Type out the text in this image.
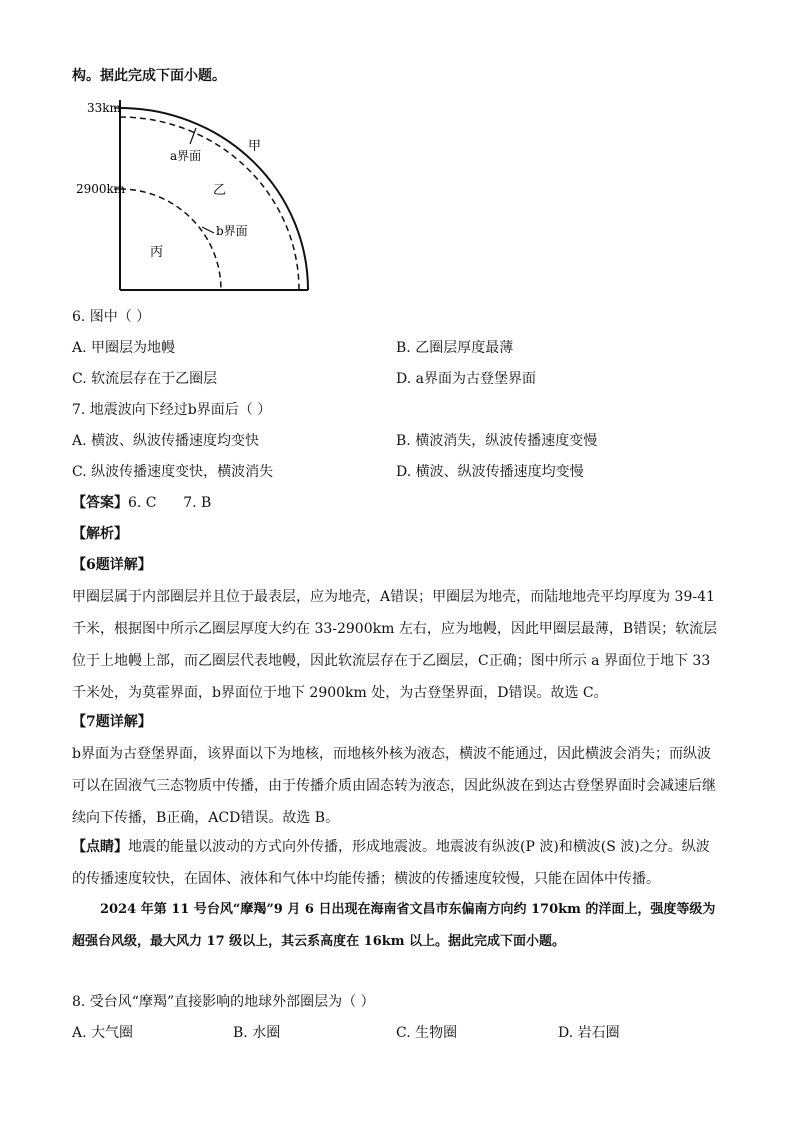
构。据此完成下面小题。
33km
2900km
甲
乙
丙
a界面
b界面
6. 图中（ ）
A. 甲圈层为地幔	B. 乙圈层厚度最薄
C. 软流层存在于乙圈层	D. a界面为古登堡界面
7. 地震波向下经过b界面后（ ）
A. 横波、纵波传播速度均变快	B. 横波消失，纵波传播速度变慢
C. 纵波传播速度变快，横波消失	D. 横波、纵波传播速度均变慢
【答案】6. C      7. B
【解析】
【6题详解】
甲圈层属于内部圈层并且位于最表层，应为地壳，A错误；甲圈层为地壳，而陆地地壳平均厚度为 39-41 千米，根据图中所示乙圈层厚度大约在 33-2900km 左右，应为地幔，因此甲圈层最薄，B错误；软流层位于上地幔上部，而乙圈层代表地幔，因此软流层存在于乙圈层，C正确；图中所示 a 界面位于地下 33 千米处，为莫霍界面，b界面位于地下 2900km 处，为古登堡界面，D错误。故选 C。
【7题详解】
b界面为古登堡界面，该界面以下为地核，而地核外核为液态，横波不能通过，因此横波会消失；而纵波可以在固液气三态物质中传播，由于传播介质由固态转为液态，因此纵波在到达古登堡界面时会减速后继续向下传播，B正确，ACD错误。故选 B。
【点睛】地震的能量以波动的方式向外传播，形成地震波。地震波有纵波(P 波)和横波(S 波)之分。纵波的传播速度较快，在固体、液体和气体中均能传播；横波的传播速度较慢，只能在固体中传播。
2024 年第 11 号台风“摩羯”9 月 6 日出现在海南省文昌市东偏南方向约 170km 的洋面上，强度等级为超强台风级，最大风力 17 级以上，其云系高度在 16km 以上。据此完成下面小题。
8. 受台风“摩羯”直接影响的地球外部圈层为（ ）
A. 大气圈	B. 水圈	C. 生物圈	D. 岩石圈
